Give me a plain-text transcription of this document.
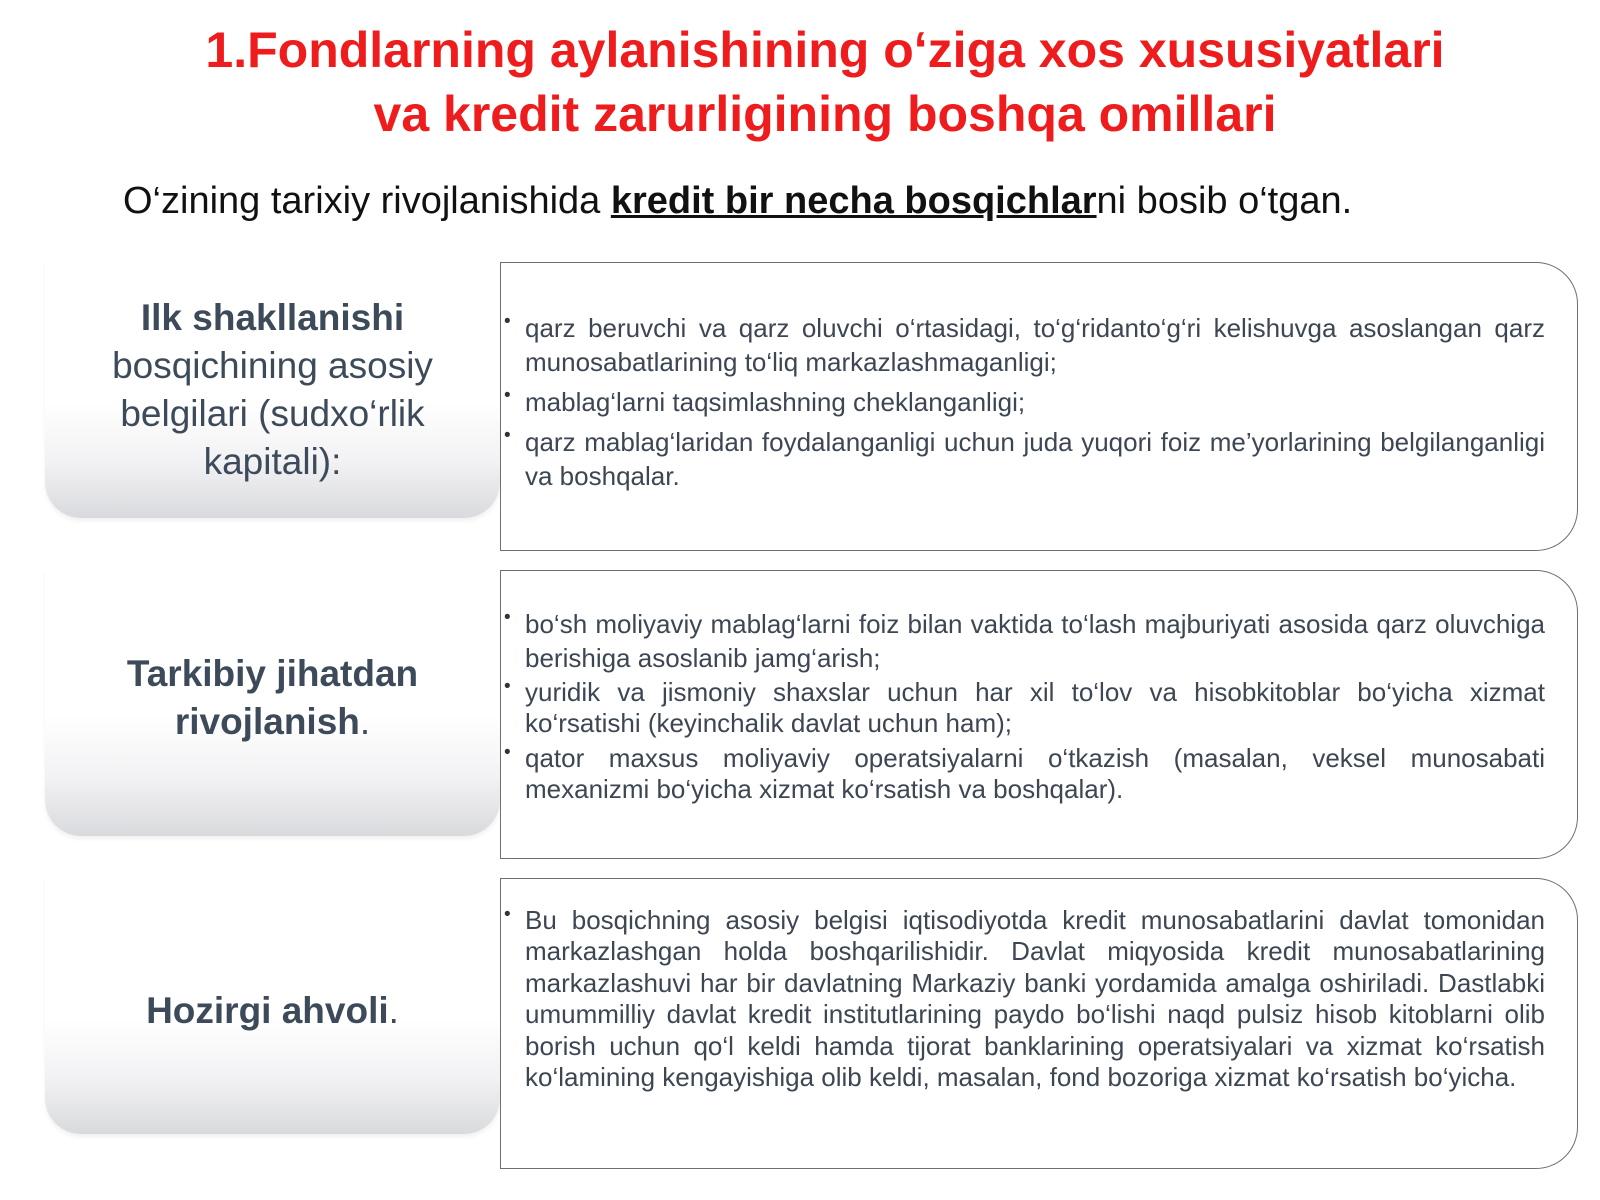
1.Fondlarning aylanishining o‘ziga xos xususiyatlari
va kredit zarurligining boshqa omillari
O‘zining tarixiy rivojlanishida kredit bir necha bosqichlarni bosib o‘tgan.
Ilk shakllanishi
bosqichining asosiy belgilari (sudxo‘rlik kapitali):
• qarz beruvchi va qarz oluvchi o‘rtasidagi, to‘g‘ridanto‘g‘ri kelishuvga asoslangan qarz munosabatlarining to‘liq markazlashmaganligi;
• mablag‘larni taqsimlashning cheklanganligi;
• qarz mablag‘laridan foydalanganligi uchun juda yuqori foiz me’yorlarining belgilanganligi va boshqalar.
Tarkibiy jihatdan rivojlanish.
• bo‘sh moliyaviy mablag‘larni foiz bilan vaktida to‘lash majburiyati asosida qarz oluvchiga berishiga asoslanib jamg‘arish;
• yuridik va jismoniy shaxslar uchun har xil to‘lov va hisobkitoblar bo‘yicha xizmat ko‘rsatishi (keyinchalik davlat uchun ham);
• qator maxsus moliyaviy operatsiyalarni o‘tkazish (masalan, veksel munosabati mexanizmi bo‘yicha xizmat ko‘rsatish va boshqalar).
Hozirgi ahvoli.
• Bu bosqichning asosiy belgisi iqtisodiyotda kredit munosabatlarini davlat tomonidan markazlashgan holda boshqarilishidir. Davlat miqyosida kredit munosabatlarining markazlashuvi har bir davlatning Markaziy banki yordamida amalga oshiriladi. Dastlabki umummilliy davlat kredit institutlarining paydo bo‘lishi naqd pulsiz hisob kitoblarni olib borish uchun qo‘l keldi hamda tijorat banklarining operatsiyalari va xizmat ko‘rsatish ko‘lamining kengayishiga olib keldi, masalan, fond bozoriga xizmat ko‘rsatish bo‘yicha.
